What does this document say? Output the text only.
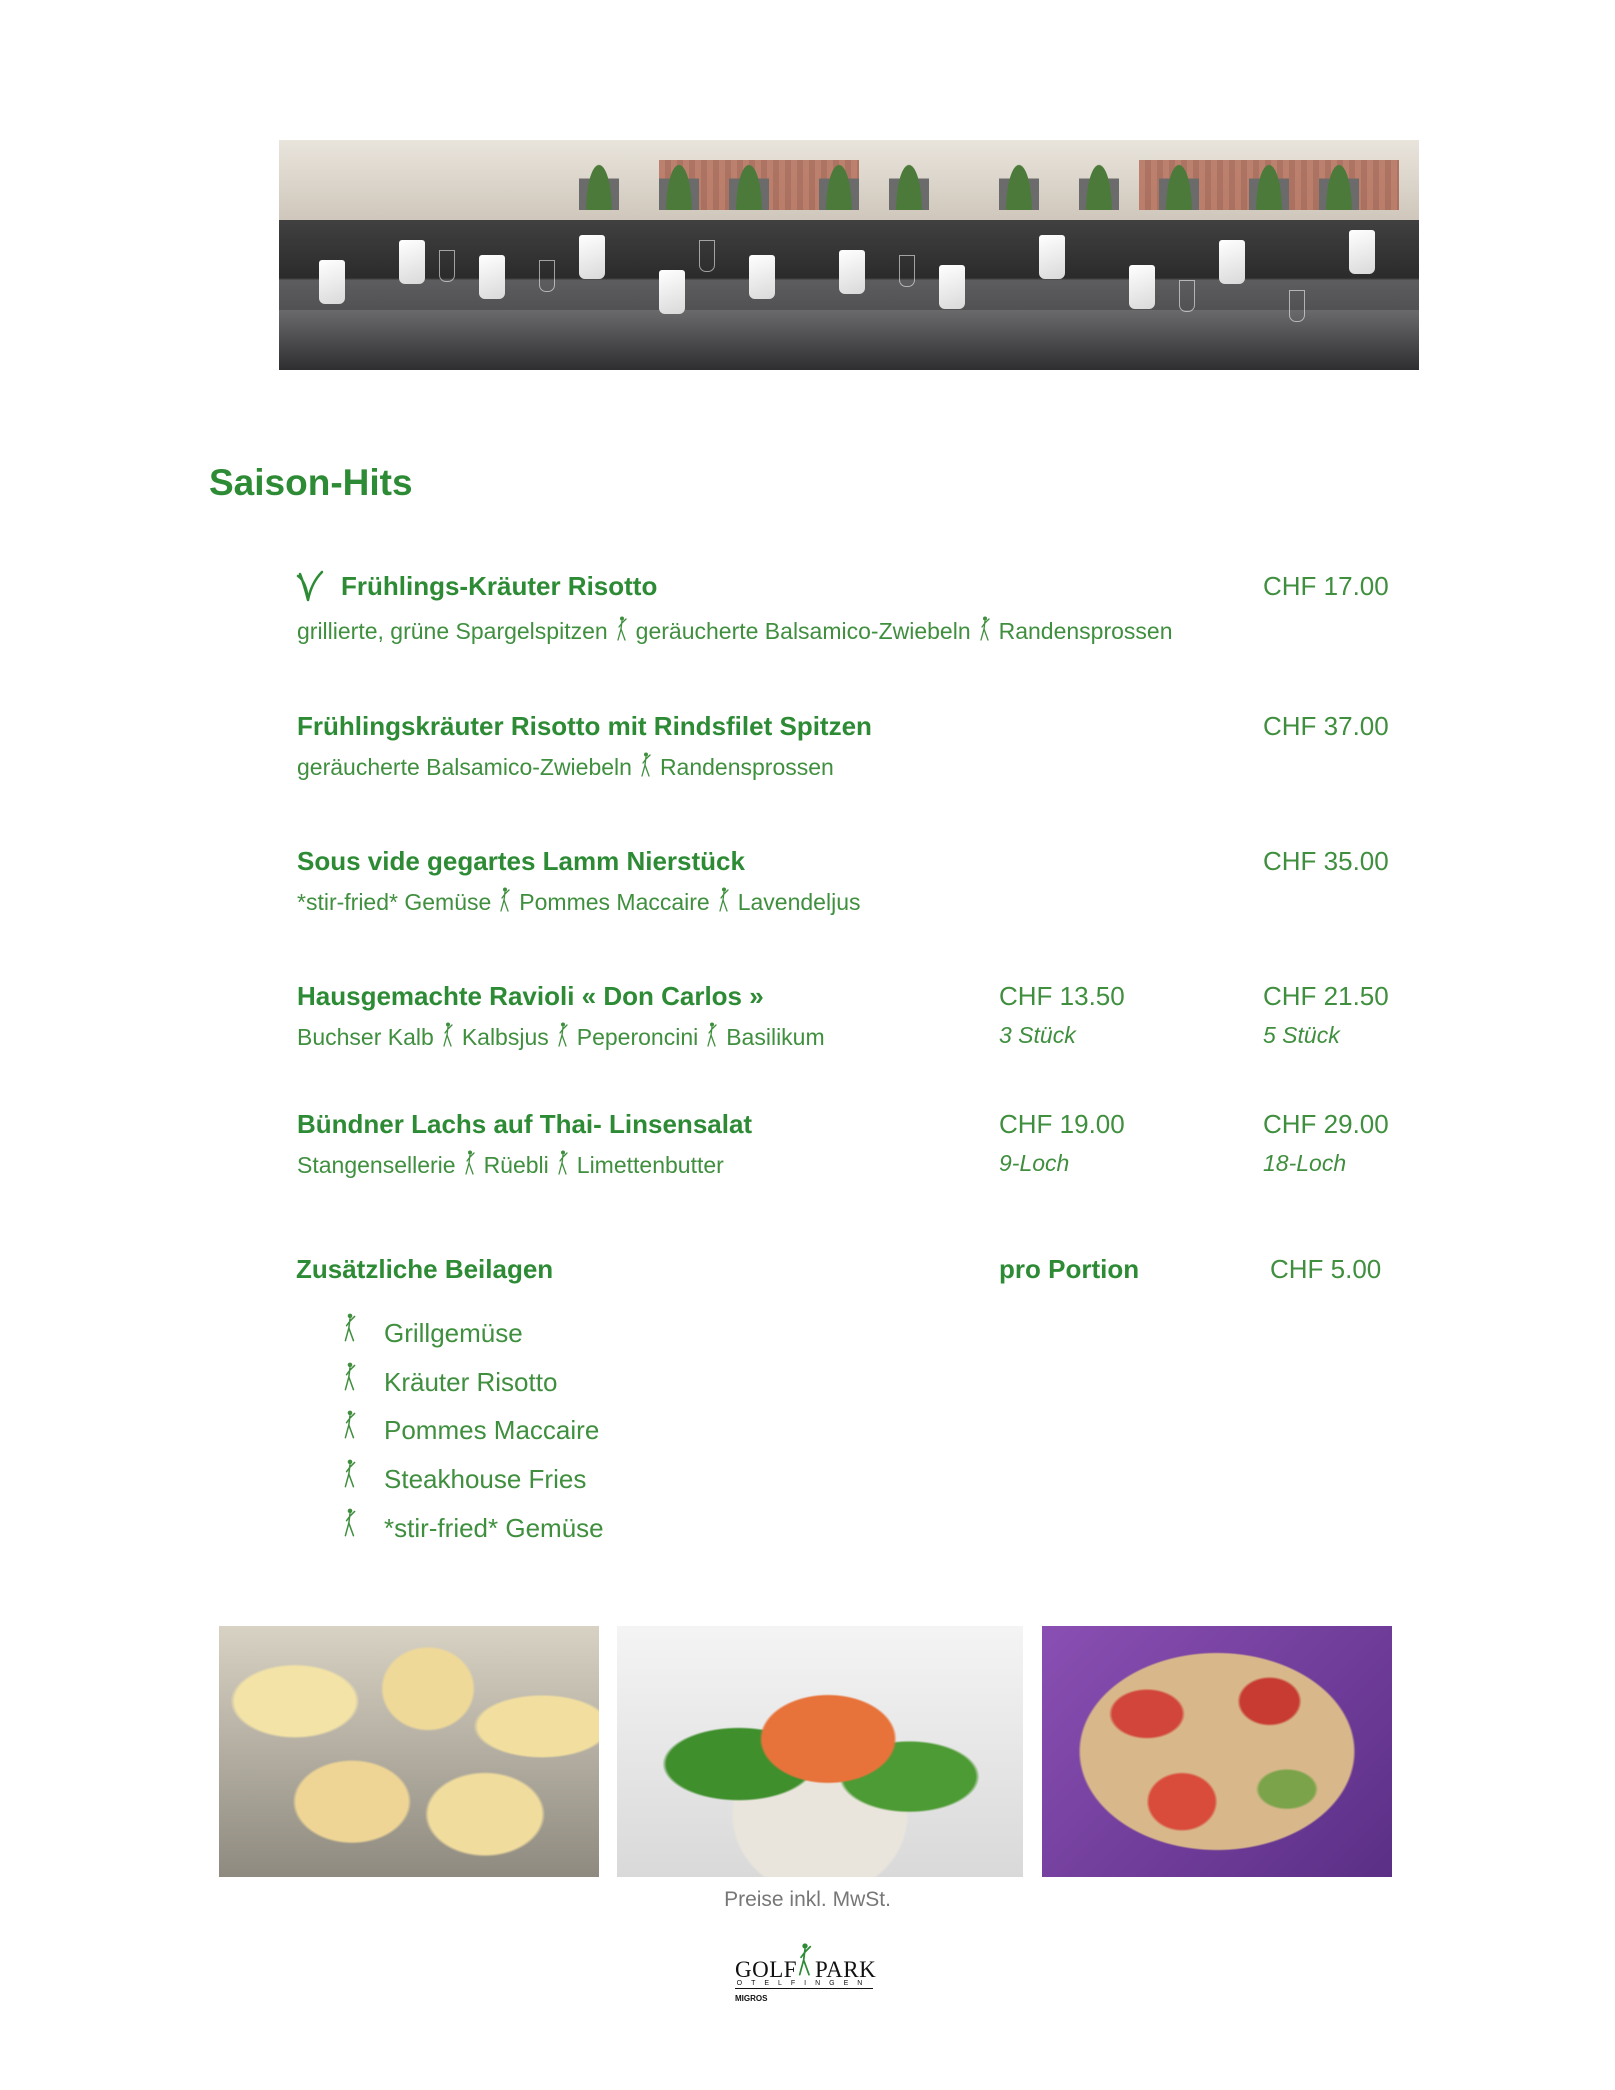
Saison-Hits
Frühlings-Kräuter Risotto	CHF 17.00
grillierte, grüne Spargelspitzen geräucherte Balsamico-Zwiebeln Randensprossen
Frühlingskräuter Risotto mit Rindsfilet Spitzen	CHF 37.00
geräucherte Balsamico-Zwiebeln Randensprossen
Sous vide gegartes Lamm Nierstück	CHF 35.00
*stir-fried* Gemüse Pommes Maccaire Lavendeljus
Hausgemachte Ravioli « Don Carlos »	CHF 13.50	CHF 21.50
Buchser Kalb Kalbsjus Peperoncini Basilikum	3 Stück	5 Stück
Bündner Lachs auf Thai- Linsensalat	CHF 19.00	CHF 29.00
Stangensellerie Rüebli Limettenbutter	9-Loch	18-Loch
Zusätzliche Beilagen	pro Portion	CHF 5.00
Grillgemüse
Kräuter Risotto
Pommes Maccaire
Steakhouse Fries
*stir-fried* Gemüse
Preise inkl. MwSt.
GOLF PARK
OTELFINGEN
MIGROS
